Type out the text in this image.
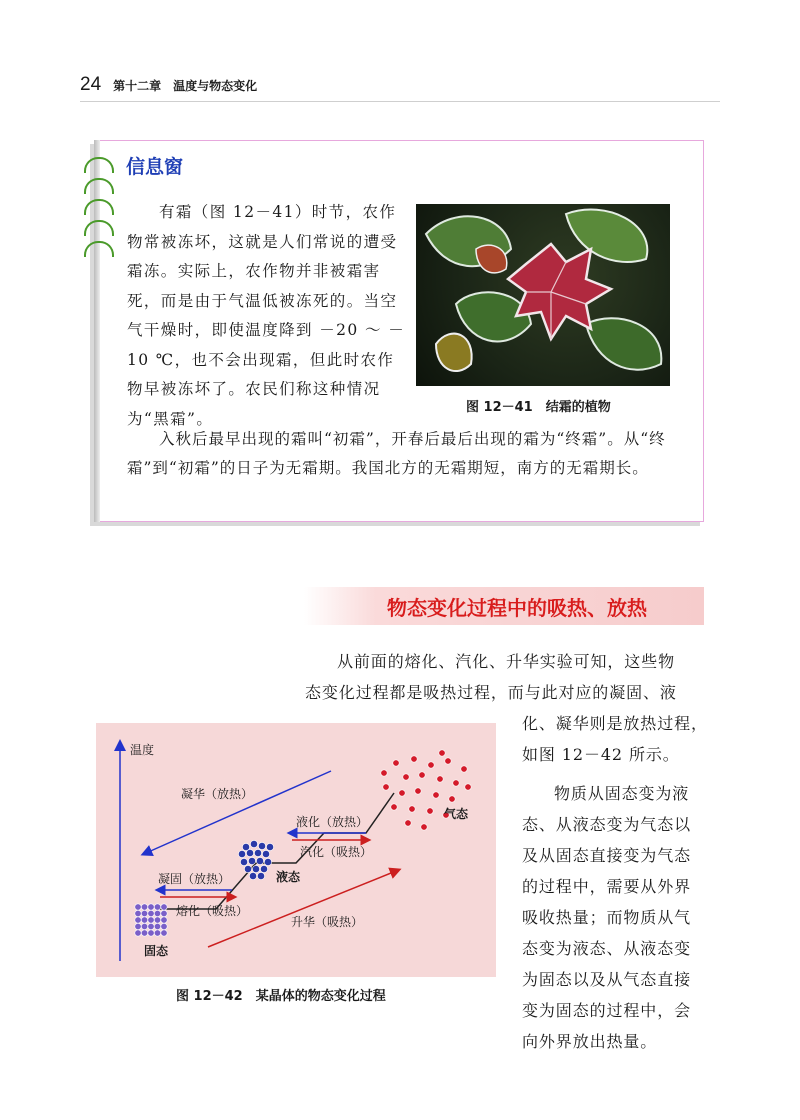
24 第十二章　温度与物态变化
信息窗

有霜（图 12－41）时节，农作物常被冻坏，这就是人们常说的遭受霜冻。实际上，农作物并非被霜害死，而是由于气温低被冻死的。当空气干燥时，即使温度降到 －20 ～ －10 ℃，也不会出现霜，但此时农作物早被冻坏了。农民们称这种情况为“黑霜”。

图 12－41　结霜的植物

入秋后最早出现的霜叫“初霜”，开春后最后出现的霜为“终霜”。从“终霜”到“初霜”的日子为无霜期。我国北方的无霜期短，南方的无霜期长。

物态变化过程中的吸热、放热

从前面的熔化、汽化、升华实验可知，这些物

态变化过程都是吸热过程，而与此对应的凝固、液

化、凝华则是放热过程，

如图 12－42 所示。

物质从固态变为液

态、从液态变为气态以

及从固态直接变为气态

的过程中，需要从外界

吸收热量；而物质从气

态变为液态、从液态变

为固态以及从气态直接

变为固态的过程中，会

向外界放出热量。

温度
凝华（放热）
升华（吸热）
液化（放热）
汽化（吸热）
凝固（放热）
熔化（吸热）
固态
液态
气态
图 12－42　某晶体的物态变化过程
